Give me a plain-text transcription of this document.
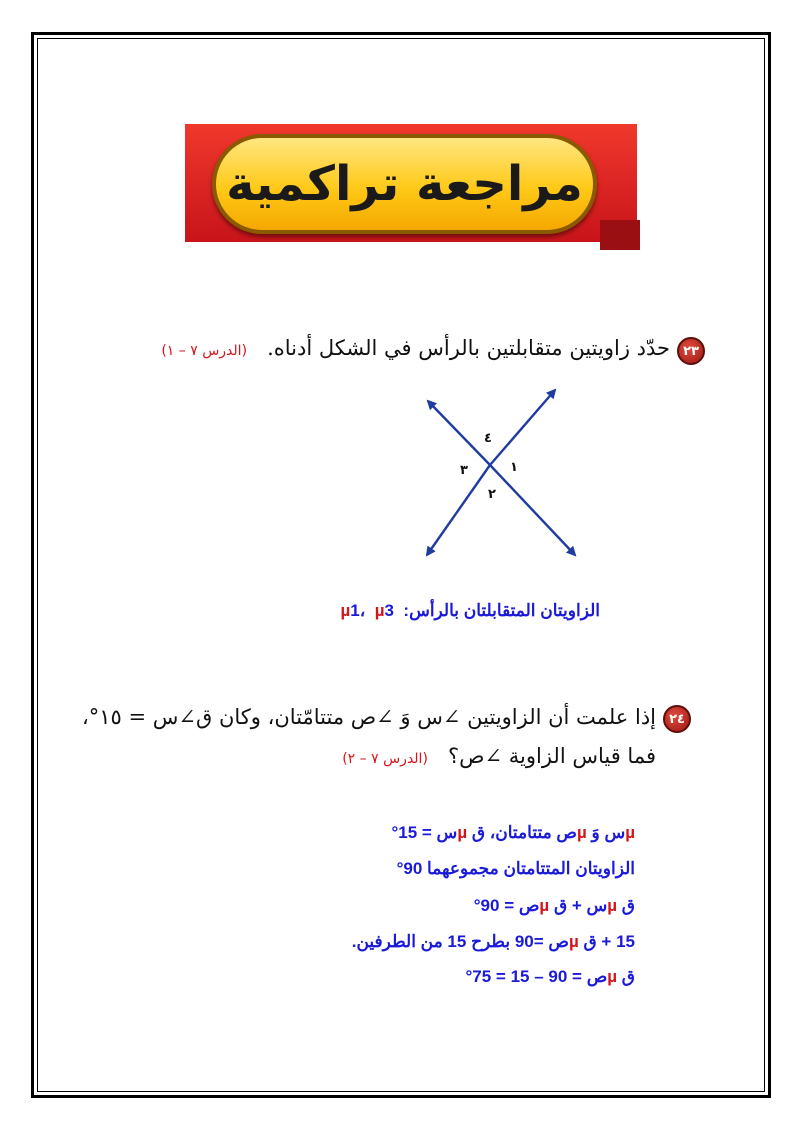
مراجعة تراكمية
٢٣
حدّد زاويتين متقابلتين بالرأس في الشكل أدناه.   (الدرس ٧ – ١)
١
٢
٣
٤
الزاويتان المتقابلتان بالرأس:  µ1، µ3
٢٤
إذا علمت أن الزاويتين ∠س وَ ∠ص متتامّتان، وكان ق∠س = ١٥°،
فما قياس الزاوية ∠ص؟   (الدرس ٧ – ٢)
µس وَ µص متتامتان، ق µس = 15°
الزاويتان المتتامتان مجموعهما 90°
ق µس + ق µص = 90°
15 + ق µص =90 بطرح 15 من الطرفين.
ق µص = 90 – 15 = 75°
